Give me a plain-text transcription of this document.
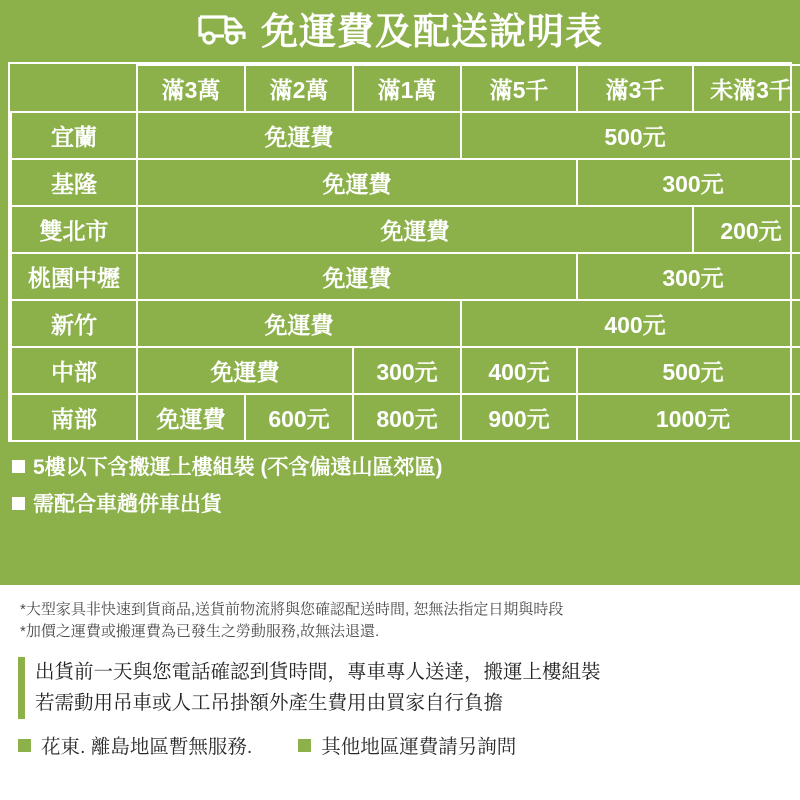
免運費及配送說明表
	滿3萬	滿2萬	滿1萬	滿5千	滿3千	未滿3千
宜蘭	免運費			500元		
基隆	免運費				300元	
雙北市	免運費					200元
桃園中壢	免運費				300元	
新竹	免運費			400元		
中部	免運費		300元	400元	500元	
南部	免運費	600元	800元	900元	1000元	
5樓以下含搬運上樓組裝 (不含偏遠山區郊區)
需配合車趟併車出貨
*大型家具非快速到貨商品,送貨前物流將與您確認配送時間, 恕無法指定日期與時段
*加價之運費或搬運費為已發生之勞動服務,故無法退還.
出貨前一天與您電話確認到貨時間，專車專人送達，搬運上樓組裝
若需動用吊車或人工吊掛額外產生費用由買家自行負擔
花東. 離島地區暫無服務.	其他地區運費請另詢問
